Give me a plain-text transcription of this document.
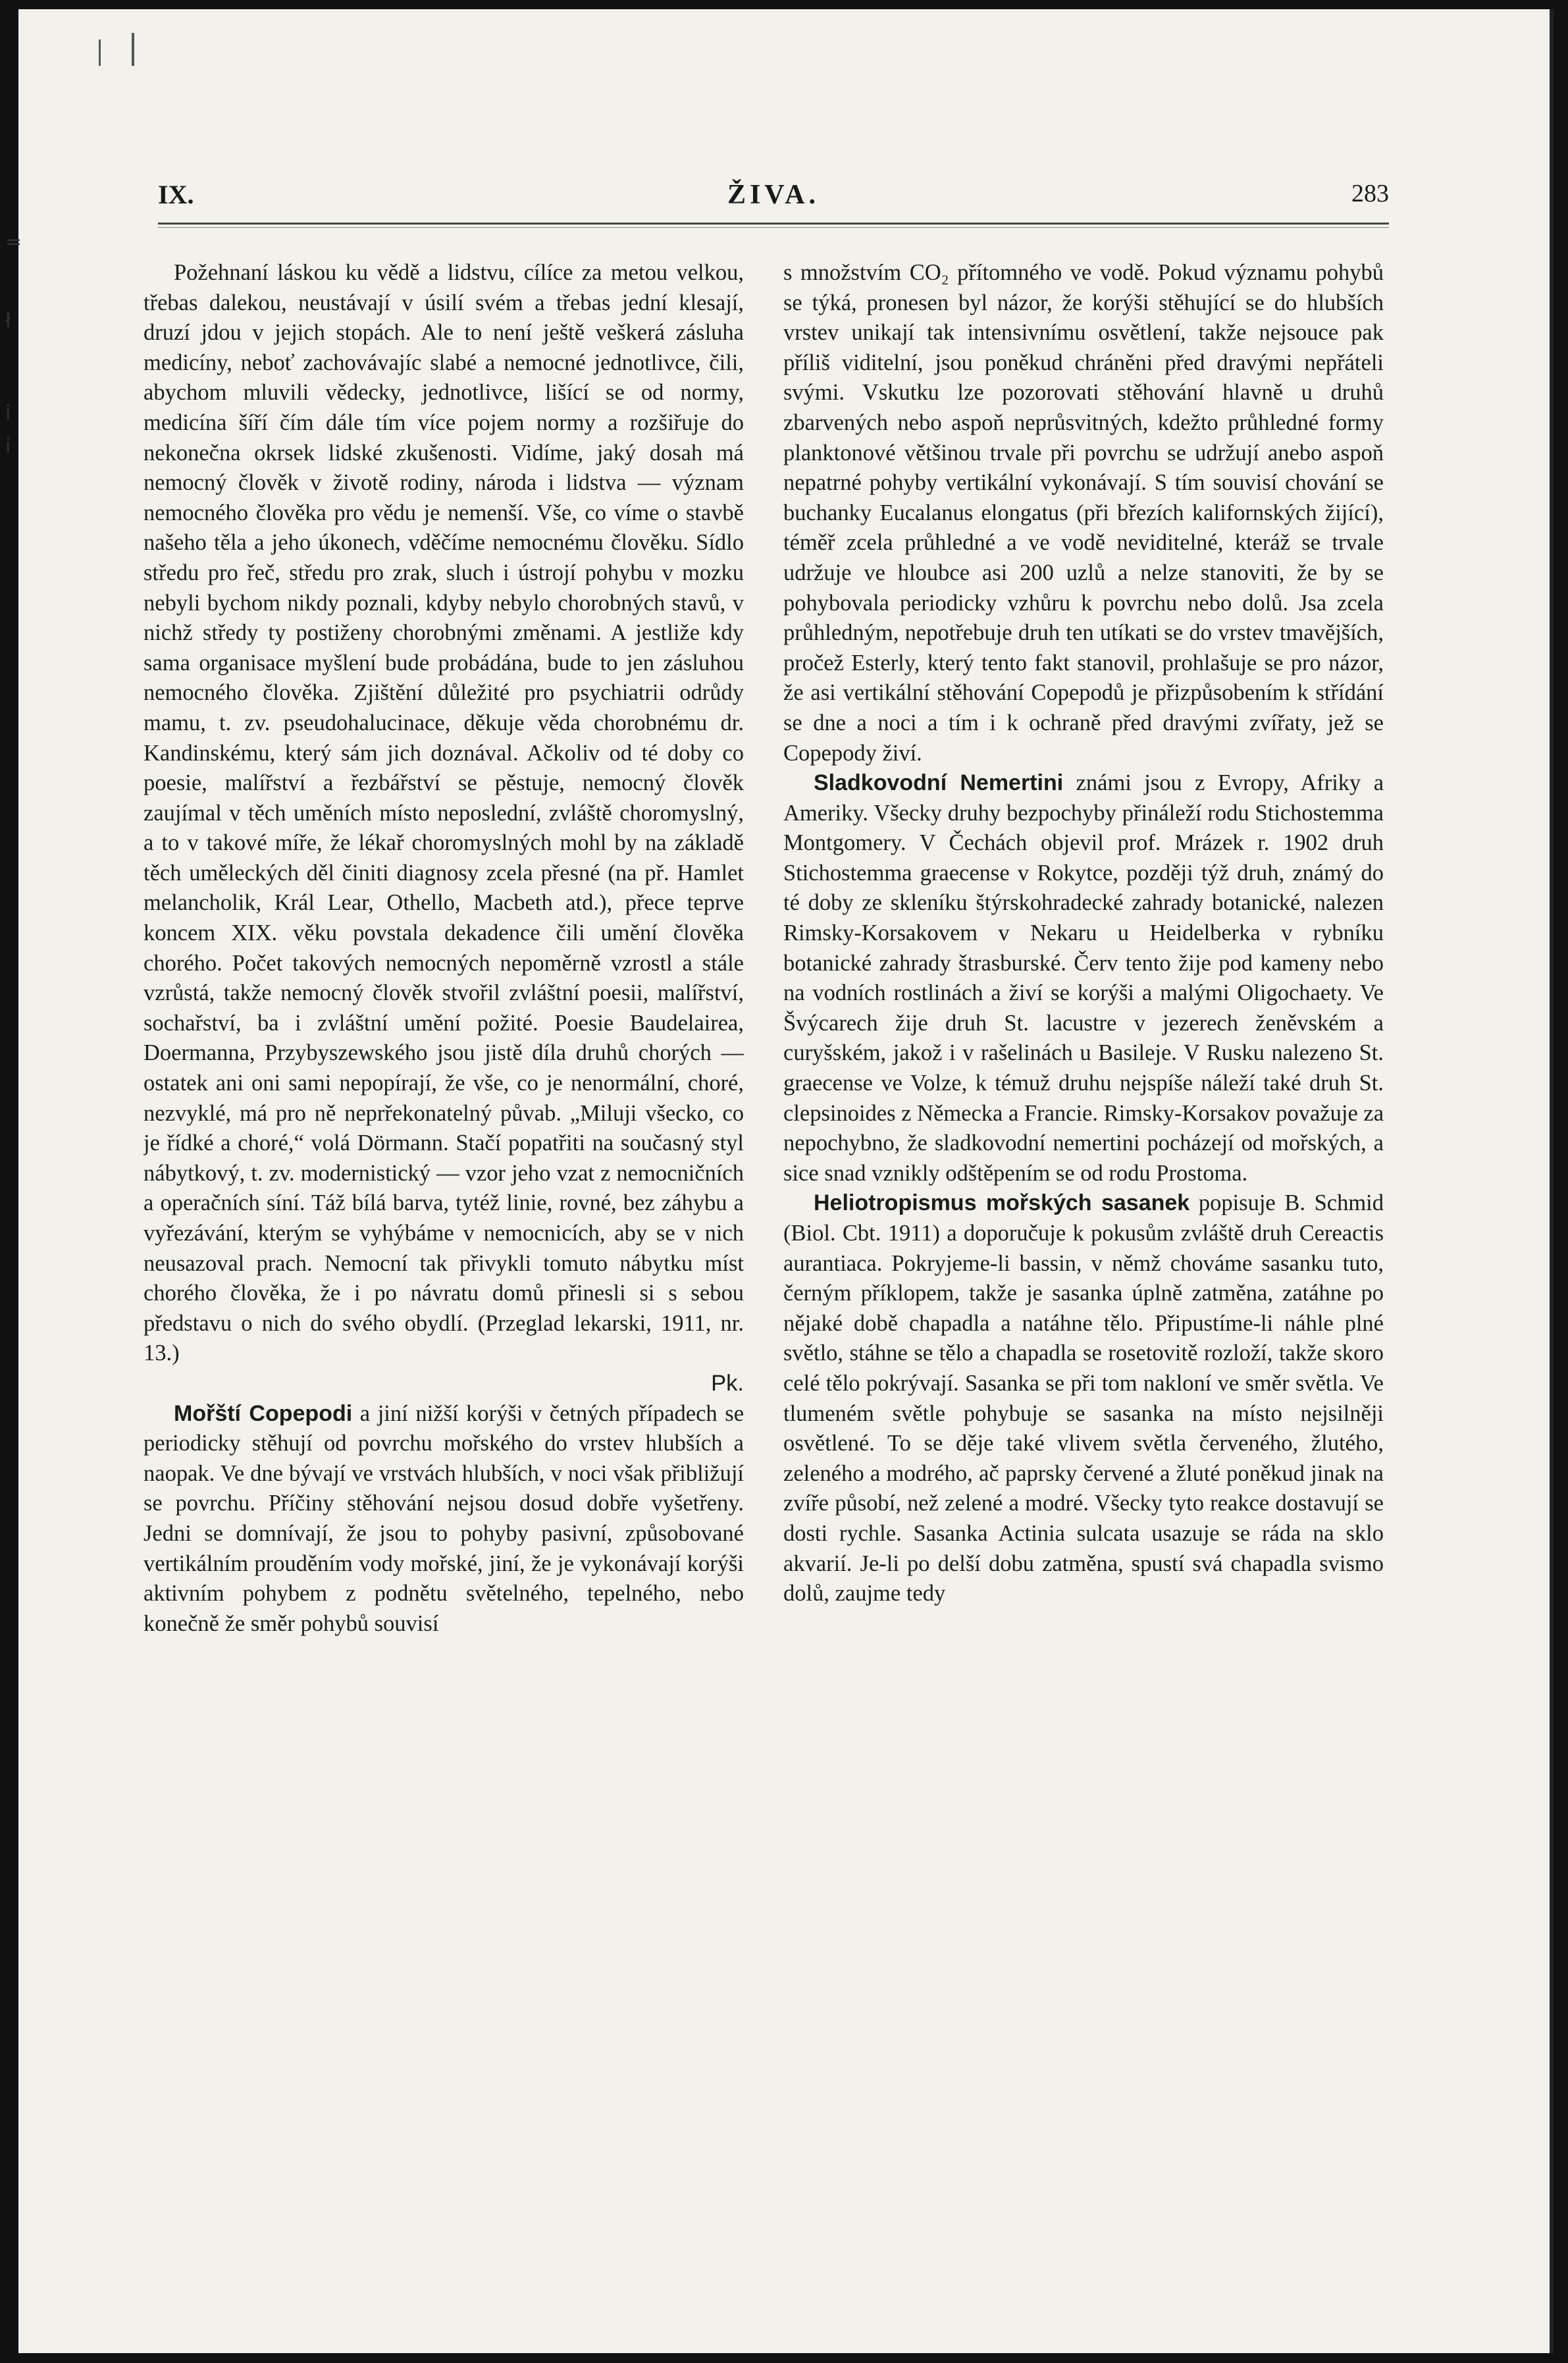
=
ł
i
i
IX.	ŽIVA.	283

Požehnaní láskou ku vědě a lidstvu, cílíce za metou velkou, třebas dalekou, neustávají v úsilí svém a třebas jední klesají, druzí jdou v jejich stopách. Ale to není ještě veškerá zásluha medicíny, neboť zachovávajíc slabé a nemocné jednotlivce, čili, abychom mluvili vědecky, jednotlivce, lišící se od normy, medicína šíří čím dále tím více pojem normy a rozšiřuje do nekonečna okrsek lidské zkušenosti. Vidíme, jaký dosah má nemocný člověk v životě rodiny, národa i lidstva — význam nemocného člověka pro vědu je nemenší. Vše, co víme o stavbě našeho těla a jeho úkonech, vděčíme nemocnému člověku. Sídlo středu pro řeč, středu pro zrak, sluch i ústrojí pohybu v mozku nebyli bychom nikdy poznali, kdyby nebylo chorobných stavů, v nichž středy ty postiženy chorobnými změnami. A jestliže kdy sama organisace myšlení bude probádána, bude to jen zásluhou nemocného člověka. Zjištění důležité pro psychiatrii odrůdy mamu, t. zv. pseudohalucinace, děkuje věda chorobnému dr. Kandinskému, který sám jich doznával. Ačkoliv od té doby co poesie, malířství a řezbářství se pěstuje, nemocný člověk zaujímal v těch uměních místo neposlední, zvláště choromyslný, a to v takové míře, že lékař choromyslných mohl by na základě těch uměleckých děl činiti diagnosy zcela přesné (na př. Hamlet melancholik, Král Lear, Othello, Macbeth atd.), přece teprve koncem XIX. věku povstala dekadence čili umění člověka chorého. Počet takových nemocných nepoměrně vzrostl a stále vzrůstá, takže nemocný člověk stvořil zvláštní poesii, malířství, sochařství, ba i zvláštní umění požité. Poesie Baudelairea, Doermanna, Przybyszewského jsou jistě díla druhů chorých — ostatek ani oni sami nepopírají, že vše, co je nenormální, choré, nezvyklé, má pro ně neprřekonatelný půvab. „Miluji všecko, co je řídké a choré,“ volá Dörmann. Stačí popatřiti na současný styl nábytkový, t. zv. modernistický — vzor jeho vzat z nemocničních a operačních síní. Táž bílá barva, tytéž linie, rovné, bez záhybu a vyřezávání, kterým se vyhýbáme v nemocnicích, aby se v nich neusazoval prach. Nemocní tak přivykli tomuto nábytku míst chorého člověka, že i po návratu domů přinesli si s sebou představu o nich do svého obydlí. (Przeglad lekarski, 1911, nr. 13.)
Pk.

Mořští Copepodi a jiní nižší korýši v četných případech se periodicky stěhují od povrchu mořského do vrstev hlubších a naopak. Ve dne bývají ve vrstvách hlubších, v noci však přibližují se povrchu. Příčiny stěhování nejsou dosud dobře vyšetřeny. Jedni se domnívají, že jsou to pohyby pasivní, způsobované vertikálním prouděním vody mořské, jiní, že je vykonávají korýši aktivním pohybem z podnětu světelného, tepelného, nebo konečně že směr pohybů souvisí

s množstvím CO₂ přítomného ve vodě. Pokud významu pohybů se týká, pronesen byl názor, že korýši stěhující se do hlubších vrstev unikají tak intensivnímu osvětlení, takže nejsouce pak příliš viditelní, jsou poněkud chráněni před dravými nepřáteli svými. Vskutku lze pozorovati stěhování hlavně u druhů zbarvených nebo aspoň neprůsvitných, kdežto průhledné formy planktonové většinou trvale při povrchu se udržují anebo aspoň nepatrné pohyby vertikální vykonávají. S tím souvisí chování se buchanky Eucalanus elongatus (při březích kalifornských žijící), téměř zcela průhledné a ve vodě neviditelné, kteráž se trvale udržuje ve hloubce asi 200 uzlů a nelze stanoviti, že by se pohybovala periodicky vzhůru k povrchu nebo dolů. Jsa zcela průhledným, nepotřebuje druh ten utíkati se do vrstev tmavějších, pročež Esterly, který tento fakt stanovil, prohlašuje se pro názor, že asi vertikální stěhování Copepodů je přizpůsobením k střídání se dne a noci a tím i k ochraně před dravými zvířaty, jež se Copepody živí.

Sladkovodní Nemertini známi jsou z Evropy, Afriky a Ameriky. Všecky druhy bezpochyby přináleží rodu Stichostemma Montgomery. V Čechách objevil prof. Mrázek r. 1902 druh Stichostemma graecense v Rokytce, později týž druh, známý do té doby ze skleníku štýrskohradecké zahrady botanické, nalezen Rimsky-Korsakovem v Nekaru u Heidelberka v rybníku botanické zahrady štrasburské. Červ tento žije pod kameny nebo na vodních rostlinách a živí se korýši a malými Oligochaety. Ve Švýcarech žije druh St. lacustre v jezerech ženěvském a curyšském, jakož i v rašelinách u Basileje. V Rusku nalezeno St. graecense ve Volze, k témuž druhu nejspíše náleží také druh St. clepsinoides z Německa a Francie. Rimsky-Korsakov považuje za nepochybno, že sladkovodní nemertini pocházejí od mořských, a sice snad vznikly odštěpením se od rodu Prostoma.

Heliotropismus mořských sasanek popisuje B. Schmid (Biol. Cbt. 1911) a doporučuje k pokusům zvláště druh Cereactis aurantiaca. Pokryjeme-li bassin, v němž chováme sasanku tuto, černým příklopem, takže je sasanka úplně zatměna, zatáhne po nějaké době chapadla a natáhne tělo. Připustíme-li náhle plné světlo, stáhne se tělo a chapadla se rosetovitě rozloží, takže skoro celé tělo pokrývají. Sasanka se při tom nakloní ve směr světla. Ve tlumeném světle pohybuje se sasanka na místo nejsilněji osvětlené. To se děje také vlivem světla červeného, žlutého, zeleného a modrého, ač paprsky červené a žluté poněkud jinak na zvíře působí, než zelené a modré. Všecky tyto reakce dostavují se dosti rychle. Sasanka Actinia sulcata usazuje se ráda na sklo akvarií. Je-li po delší dobu zatměna, spustí svá chapadla svismo dolů, zaujme tedy
